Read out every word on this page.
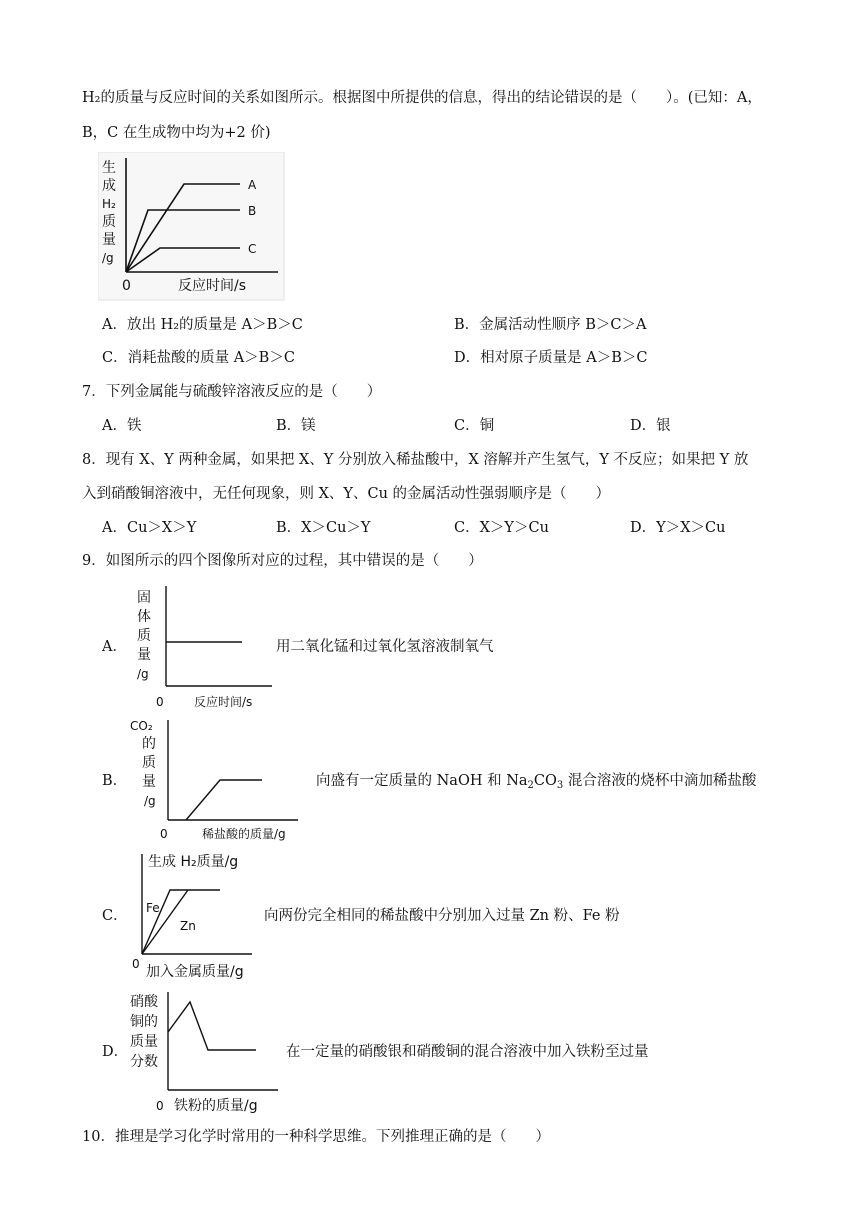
H₂的质量与反应时间的关系如图所示。根据图中所提供的信息，得出的结论错误的是（　　）。(已知：A，
B，C 在生成物中均为+2 价)
生
成
H₂
质
量
/g
0	反应时间/s
A
B
C
A．放出 H₂的质量是 A＞B＞C	B．金属活动性顺序 B＞C＞A
C．消耗盐酸的质量 A＞B＞C	D．相对原子质量是 A＞B＞C
7．下列金属能与硫酸锌溶液反应的是（　　）
A．铁	B．镁	C．铜	D．银
8．现有 X、Y 两种金属，如果把 X、Y 分别放入稀盐酸中，X 溶解并产生氢气，Y 不反应；如果把 Y 放
入到硝酸铜溶液中，无任何现象，则 X、Y、Cu 的金属活动性强弱顺序是（　　）
A．Cu＞X＞Y	B．X＞Cu＞Y	C．X＞Y＞Cu	D．Y＞X＞Cu
9．如图所示的四个图像所对应的过程，其中错误的是（　　）
A．
固
体
质
量
/g
0	反应时间/s
用二氧化锰和过氧化氢溶液制氧气
B．
CO₂
的
质
量
/g
0	稀盐酸的质量/g
向盛有一定质量的 NaOH 和 $Na_2CO_3$ 混合溶液的烧杯中滴加稀盐酸
C．
生成 H₂质量/g
0 加入金属质量/g
Fe
Zn
向两份完全相同的稀盐酸中分别加入过量 Zn 粉、Fe 粉
D．
硝酸
铜的
质量
分数
0 铁粉的质量/g
在一定量的硝酸银和硝酸铜的混合溶液中加入铁粉至过量
10．推理是学习化学时常用的一种科学思维。下列推理正确的是（　　）
